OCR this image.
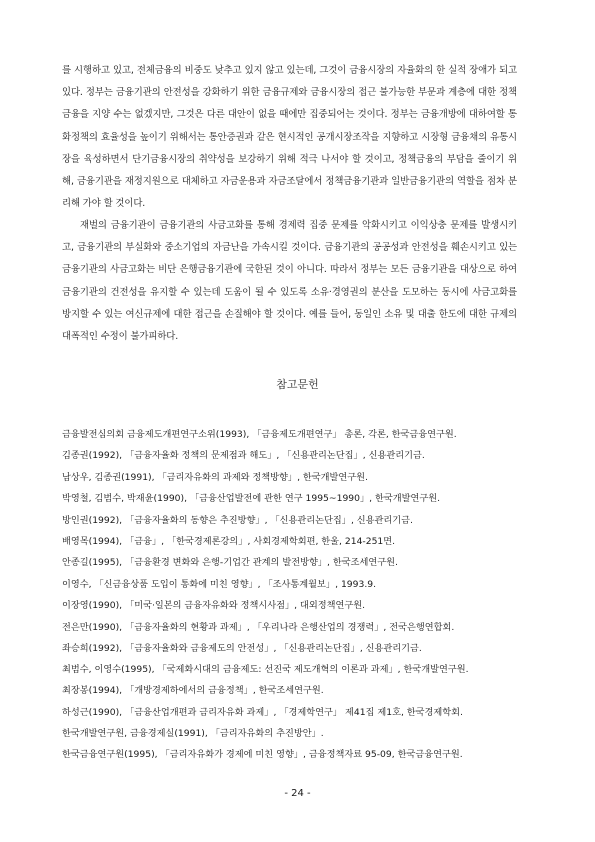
를 시행하고 있고, 전체금융의 비중도 낮추고 있지 않고 있는데, 그것이 금융시장의 자율화의 한 실적 장애가 되고 있다. 정부는 금융기관의 안전성을 강화하기 위한 금융규제와 금융시장의 접근 불가능한 부문과 계층에 대한 정책금융을 지양 수는 없겠지만, 그것은 다른 대안이 없을 때에만 집중되어는 것이다. 정부는 금융개방에 대하여할 통화정책의 효율성을 높이기 위해서는 통안증권과 같은 현시적인 공개시장조작을 지향하고 시장형 금융채의 유통시장을 육성하면서 단기금융시장의 취약성을 보강하기 위해 적극 나서야 할 것이고, 정책금융의 부담을 줄이기 위해, 금융기관을 재정지원으로 대체하고 자금운용과 자금조달에서 정책금융기관과 일반금융기관의 역할을 점차 분리해 가야 할 것이다.

재벌의 금융기관이 금융기관의 사금고화를 통해 경제력 집중 문제를 악화시키고 이익상충 문제를 발생시키고, 금융기관의 부실화와 중소기업의 자금난을 가속시킬 것이다. 금융기관의 공공성과 안전성을 훼손시키고 있는 금융기관의 사금고화는 비단 은행금융기관에 국한된 것이 아니다. 따라서 정부는 모든 금융기관을 대상으로 하여 금융기관의 건전성을 유지할 수 있는데 도움이 될 수 있도록 소유·경영권의 분산을 도모하는 동시에 사금고화를 방지할 수 있는 여신규제에 대한 접근을 손질해야 할 것이다. 예를 들어, 동일인 소유 및 대출 한도에 대한 규제의 대폭적인 수정이 불가피하다.

참고문헌
금융발전심의회 금융제도개편연구소위(1993), 「금융제도개편연구」 총론, 각론, 한국금융연구원.
김종권(1992), 「금융자율화 정책의 문제점과 해도」, 「신용관리논단집」, 신용관리기금.
남상우, 김종권(1991), 「금리자유화의 과제와 정책방향」, 한국개발연구원.
박영철, 김범수, 박재윤(1990), 「금융산업발전에 관한 연구 1995~1990」, 한국개발연구원.
방인권(1992), 「금융자율화의 동향은 추진방향」, 「신용관리논단집」, 신용관리기금.
배영목(1994), 「금융」, 「한국경제론강의」, 사회경제학회편, 한울, 214-251면.
안종길(1995), 「금융환경 변화와 은행-기업간 관계의 발전방향」, 한국조세연구원.
이영수, 「신금융상품 도입이 통화에 미친 영향」, 「조사통계월보」, 1993.9.
이장영(1990), 「미국·일본의 금융자유화와 정책시사점」, 대외정책연구원.
전은만(1990), 「금융자율화의 현황과 과제」, 「우리나라 은행산업의 경쟁력」, 전국은행연합회.
좌승희(1992), 「금융자율화와 금융제도의 안전성」, 「신용관리논단집」, 신용관리기금.
최범수, 이영수(1995), 「국제화시대의 금융제도: 선진국 제도개혁의 이론과 과제」, 한국개발연구원.
최장봉(1994), 「개방경제하에서의 금융정책」, 한국조세연구원.
하성근(1990), 「금융산업개편과 금리자유화 과제」, 「경제학연구」 제41집 제1호, 한국경제학회.
한국개발연구원, 금융경제실(1991), 「금리자유화의 추진방안」.
한국금융연구원(1995), 「금리자유화가 경제에 미친 영향」, 금융정책자료 95-09, 한국금융연구원.
- 24 -
